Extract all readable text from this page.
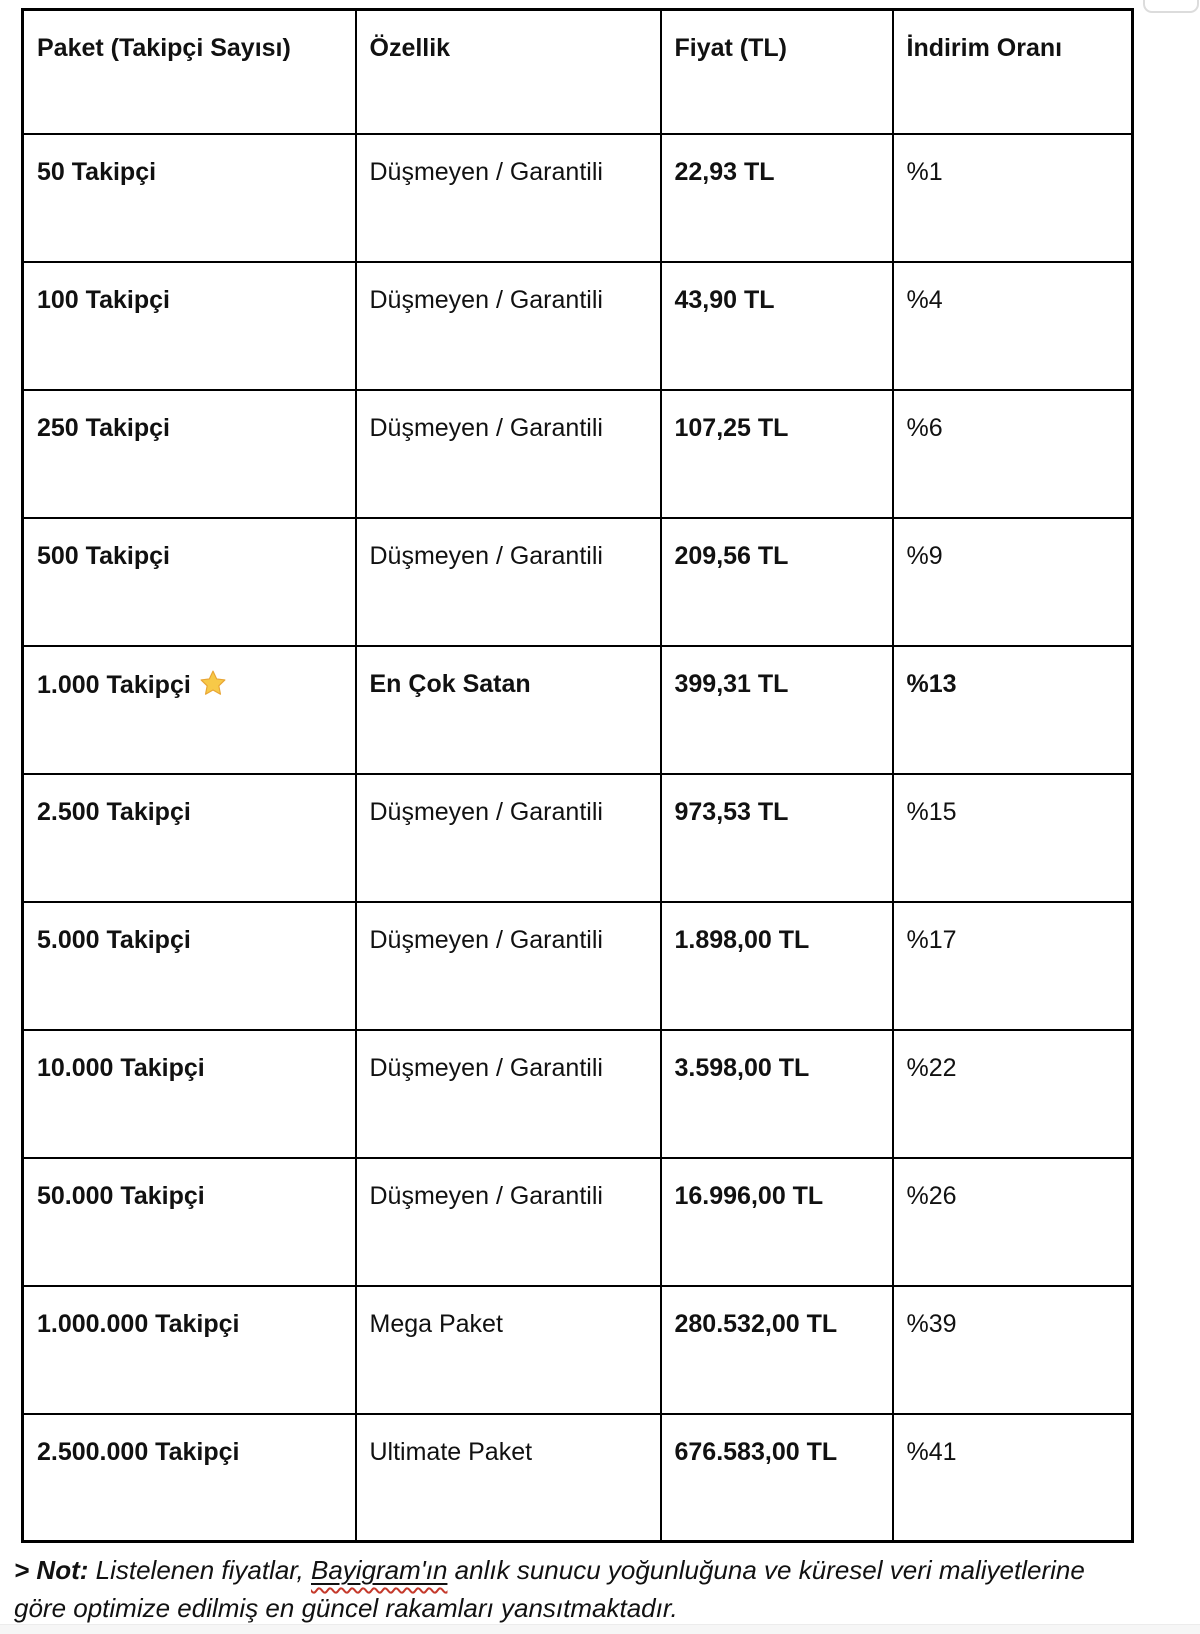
Paket (Takipçi Sayısı)	Özellik	Fiyat (TL)	İndirim Oranı
50 Takipçi	Düşmeyen / Garantili	22,93 TL	%1
100 Takipçi	Düşmeyen / Garantili	43,90 TL	%4
250 Takipçi	Düşmeyen / Garantili	107,25 TL	%6
500 Takipçi	Düşmeyen / Garantili	209,56 TL	%9
1.000 Takipçi	En Çok Satan	399,31 TL	%13
2.500 Takipçi	Düşmeyen / Garantili	973,53 TL	%15
5.000 Takipçi	Düşmeyen / Garantili	1.898,00 TL	%17
10.000 Takipçi	Düşmeyen / Garantili	3.598,00 TL	%22
50.000 Takipçi	Düşmeyen / Garantili	16.996,00 TL	%26
1.000.000 Takipçi	Mega Paket	280.532,00 TL	%39
2.500.000 Takipçi	Ultimate Paket	676.583,00 TL	%41
> Not: Listelenen fiyatlar, Bayigram'ın anlık sunucu yoğunluğuna ve küresel veri maliyetlerine göre optimize edilmiş en güncel rakamları yansıtmaktadır.
